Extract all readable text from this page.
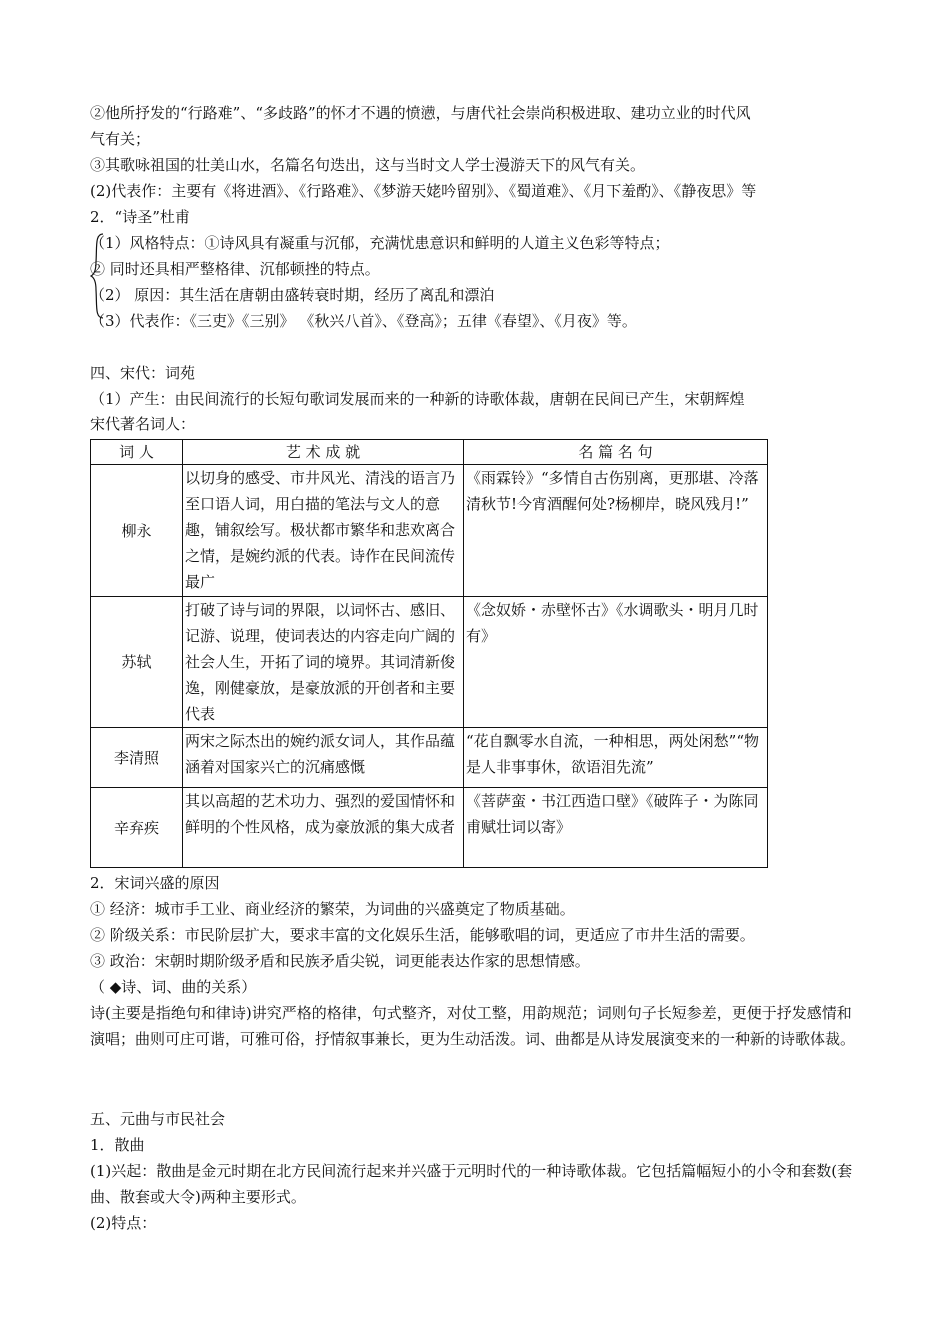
②他所抒发的“行路难”、“多歧路”的怀才不遇的愤懑，与唐代社会崇尚积极进取、建功立业的时代风
气有关；
③其歌咏祖国的壮美山水，名篇名句迭出，这与当时文人学士漫游天下的风气有关。
(2)代表作：主要有《将进酒》、《行路难》、《梦游天姥吟留别》、《蜀道难》、《月下羞酌》、《静夜思》等
2．“诗圣”杜甫
（1）风格特点：①诗风具有凝重与沉郁，充满忧患意识和鲜明的人道主义色彩等特点；
② 同时还具相严整格律、沉郁顿挫的特点。
（2） 原因：其生活在唐朝由盛转衰时期，经历了离乱和漂泊
（3）代表作：《三吏》《三别》 《秋兴八首》、《登高》；五律《春望》、《月夜》等。
四、宋代：词苑
（1）产生：由民间流行的长短句歌词发展而来的一种新的诗歌体裁，唐朝在民间已产生，宋朝辉煌
宋代著名词人：
词 人	艺 术 成 就	名 篇 名 句
柳永	以切身的感受、市井风光、清浅的语言乃至口语人词，用白描的笔法与文人的意趣，铺叙绘写。极状都市繁华和悲欢离合之情，是婉约派的代表。诗作在民间流传最广	《雨霖铃》“多情自古伤别离，更那堪、冷落清秋节!今宵酒醒何处?杨柳岸，晓风残月!”
苏轼	打破了诗与词的界限，以词怀古、感旧、记游、说理，使词表达的内容走向广阔的社会人生，开拓了词的境界。其词清新俊逸，刚健豪放，是豪放派的开创者和主要代表	《念奴娇・赤壁怀古》《水调歌头・明月几时有》
李清照	两宋之际杰出的婉约派女词人，其作品蕴涵着对国家兴亡的沉痛感慨	“花自飘零水自流，一种相思，两处闲愁”“物是人非事事休，欲语泪先流”
辛弃疾	其以高超的艺术功力、强烈的爱国情怀和鲜明的个性风格，成为豪放派的集大成者	《菩萨蛮・书江西造口壁》《破阵子・为陈同甫赋壮词以寄》
2．宋词兴盛的原因
① 经济：城市手工业、商业经济的繁荣，为词曲的兴盛奠定了物质基础。
② 阶级关系：市民阶层扩大，要求丰富的文化娱乐生活，能够歌唱的词，更适应了市井生活的需要。
③ 政治：宋朝时期阶级矛盾和民族矛盾尖锐，词更能表达作家的思想情感。
（ ◆诗、词、曲的关系）
诗(主要是指绝句和律诗)讲究严格的格律，句式整齐，对仗工整，用韵规范；词则句子长短参差，更便于抒发感情和演唱；曲则可庄可谐，可雅可俗，抒情叙事兼长，更为生动活泼。词、曲都是从诗发展演变来的一种新的诗歌体裁。
五、元曲与市民社会
1．散曲
(1)兴起：散曲是金元时期在北方民间流行起来并兴盛于元明时代的一种诗歌体裁。它包括篇幅短小的小令和套数(套曲、散套或大令)两种主要形式。
(2)特点：
